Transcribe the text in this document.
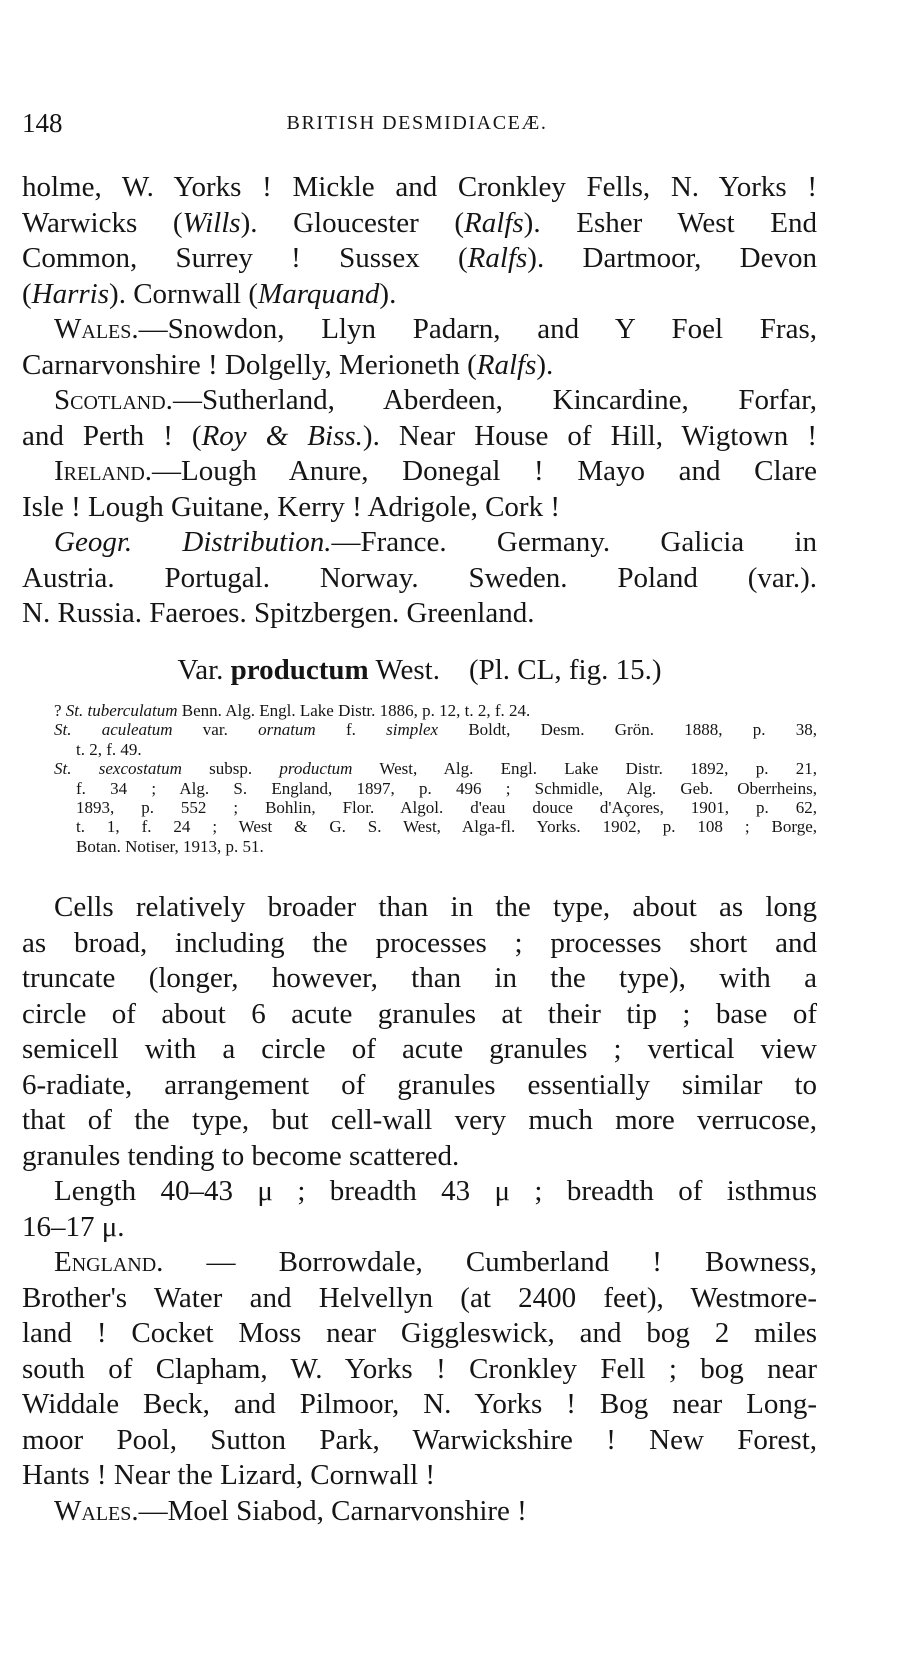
148	BRITISH DESMIDIACEÆ.
holme, W. Yorks ! Mickle and Cronkley Fells, N. Yorks !
Warwicks (Wills). Gloucester (Ralfs). Esher West End
Common, Surrey ! Sussex (Ralfs). Dartmoor, Devon
(Harris). Cornwall (Marquand).
Wales.—Snowdon, Llyn Padarn, and Y Foel Fras,
Carnarvonshire ! Dolgelly, Merioneth (Ralfs).
Scotland.—Sutherland, Aberdeen, Kincardine, Forfar,
and Perth ! (Roy & Biss.). Near House of Hill, Wigtown !
Ireland.—Lough Anure, Donegal ! Mayo and Clare
Isle ! Lough Guitane, Kerry ! Adrigole, Cork !
Geogr. Distribution.—France. Germany. Galicia in
Austria. Portugal. Norway. Sweden. Poland (var.).
N. Russia. Faeroes. Spitzbergen. Greenland.
Var. productum West. (Pl. CL, fig. 15.)
? St. tuberculatum Benn. Alg. Engl. Lake Distr. 1886, p. 12, t. 2, f. 24.
St. aculeatum var. ornatum f. simplex Boldt, Desm. Grön. 1888, p. 38,
t. 2, f. 49.
St. sexcostatum subsp. productum West, Alg. Engl. Lake Distr. 1892, p. 21,
f. 34 ; Alg. S. England, 1897, p. 496 ; Schmidle, Alg. Geb. Oberrheins,
1893, p. 552 ; Bohlin, Flor. Algol. d'eau douce d'Açores, 1901, p. 62,
t. 1, f. 24 ; West & G. S. West, Alga-fl. Yorks. 1902, p. 108 ; Borge,
Botan. Notiser, 1913, p. 51.
Cells relatively broader than in the type, about as long
as broad, including the processes ; processes short and
truncate (longer, however, than in the type), with a
circle of about 6 acute granules at their tip ; base of
semicell with a circle of acute granules ; vertical view
6-radiate, arrangement of granules essentially similar to
that of the type, but cell-wall very much more verrucose,
granules tending to become scattered.
Length 40–43 μ ; breadth 43 μ ; breadth of isthmus
16–17 μ.
England. — Borrowdale, Cumberland ! Bowness,
Brother's Water and Helvellyn (at 2400 feet), Westmore-
land ! Cocket Moss near Giggleswick, and bog 2 miles
south of Clapham, W. Yorks ! Cronkley Fell ; bog near
Widdale Beck, and Pilmoor, N. Yorks ! Bog near Long-
moor Pool, Sutton Park, Warwickshire ! New Forest,
Hants ! Near the Lizard, Cornwall !
Wales.—Moel Siabod, Carnarvonshire !
